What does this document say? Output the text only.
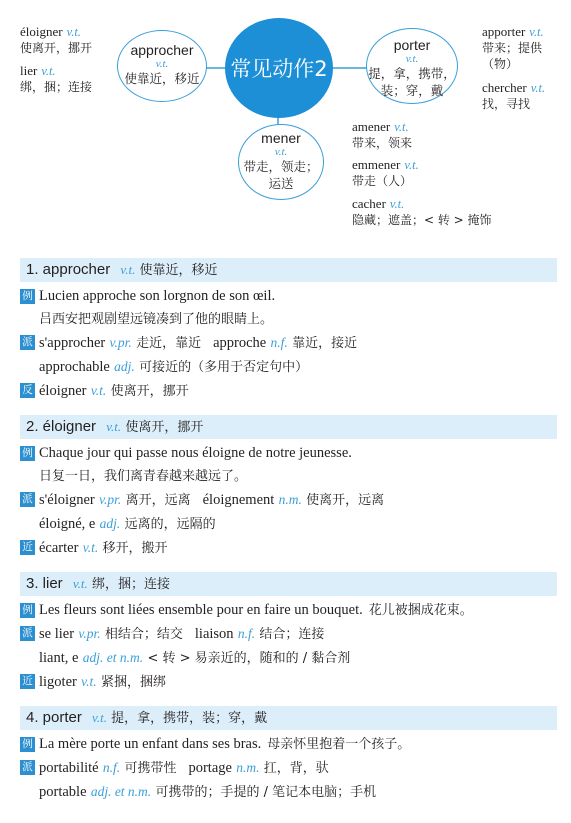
常见动作2
approcher
v.t.
使靠近，移近
porter
v.t.
提，拿，携带，
装；穿，戴
mener
v.t.
带走，领走；
运送
éloigner v.t.
使离开，挪开
lier v.t.
绑，捆；连接
apporter v.t.
带来；提供
（物）
chercher v.t.
找，寻找
amener v.t.
带来，领来
emmener v.t.
带走（人）
cacher v.t.
隐藏；遮盖；< 转 > 掩饰
1. approcher v.t. 使靠近，移近
例 Lucien approche son lorgnon de son œil.
吕西安把观剧望远镜凑到了他的眼睛上。
派 s'approcher v.pr. 走近，靠近 approche n.f. 靠近，接近
approchable adj. 可接近的（多用于否定句中）
反 éloigner v.t. 使离开，挪开
2. éloigner v.t. 使离开，挪开
例 Chaque jour qui passe nous éloigne de notre jeunesse.
日复一日，我们离青春越来越远了。
派 s'éloigner v.pr. 离开，远离 éloignement n.m. 使离开，远离
éloigné, e adj. 远离的，远隔的
近 écarter v.t. 移开，搬开
3. lier v.t. 绑，捆；连接
例 Les fleurs sont liées ensemble pour en faire un bouquet. 花儿被捆成花束。
派 se lier v.pr. 相结合；结交 liaison n.f. 结合；连接
liant, e adj. et n.m. < 转 > 易亲近的，随和的 / 黏合剂
近 ligoter v.t. 紧捆，捆绑
4. porter v.t. 提，拿，携带，装；穿，戴
例 La mère porte un enfant dans ses bras. 母亲怀里抱着一个孩子。
派 portabilité n.f. 可携带性 portage n.m. 扛，背，驮
portable adj. et n.m. 可携带的；手提的 / 笔记本电脑；手机
